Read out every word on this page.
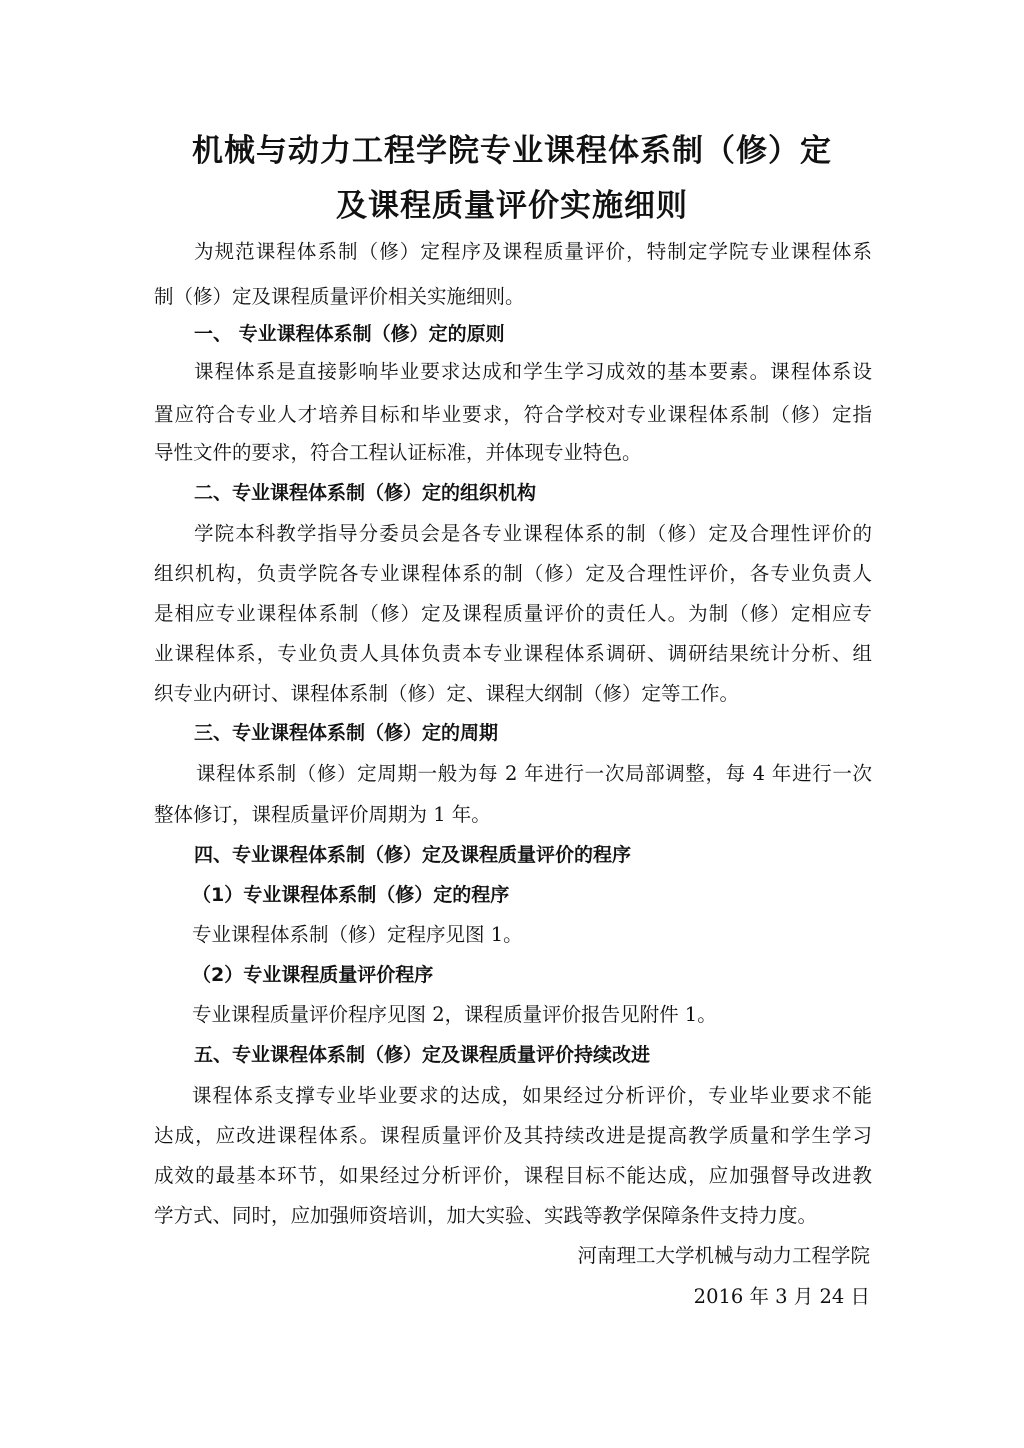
机械与动力工程学院专业课程体系制（修）定
及课程质量评价实施细则
为规范课程体系制（修）定程序及课程质量评价，特制定学院专业课程体系
制（修）定及课程质量评价相关实施细则。
一、 专业课程体系制（修）定的原则
课程体系是直接影响毕业要求达成和学生学习成效的基本要素。课程体系设
置应符合专业人才培养目标和毕业要求，符合学校对专业课程体系制（修）定指
导性文件的要求，符合工程认证标准，并体现专业特色。
二、专业课程体系制（修）定的组织机构
学院本科教学指导分委员会是各专业课程体系的制（修）定及合理性评价的
组织机构，负责学院各专业课程体系的制（修）定及合理性评价，各专业负责人
是相应专业课程体系制（修）定及课程质量评价的责任人。为制（修）定相应专
业课程体系，专业负责人具体负责本专业课程体系调研、调研结果统计分析、组
织专业内研讨、课程体系制（修）定、课程大纲制（修）定等工作。
三、专业课程体系制（修）定的周期
课程体系制（修）定周期一般为每 2 年进行一次局部调整，每 4 年进行一次
整体修订，课程质量评价周期为 1 年。
四、专业课程体系制（修）定及课程质量评价的程序
（1）专业课程体系制（修）定的程序
专业课程体系制（修）定程序见图 1。
（2）专业课程质量评价程序
专业课程质量评价程序见图 2，课程质量评价报告见附件 1。
五、专业课程体系制（修）定及课程质量评价持续改进
课程体系支撑专业毕业要求的达成，如果经过分析评价，专业毕业要求不能
达成，应改进课程体系。课程质量评价及其持续改进是提高教学质量和学生学习
成效的最基本环节，如果经过分析评价，课程目标不能达成，应加强督导改进教
学方式、同时，应加强师资培训，加大实验、实践等教学保障条件支持力度。
河南理工大学机械与动力工程学院
2016 年 3 月 24 日
